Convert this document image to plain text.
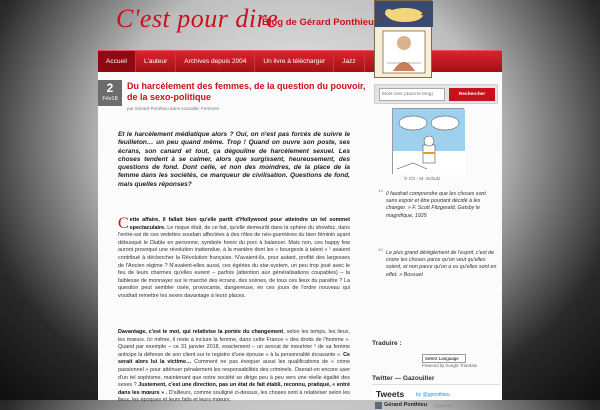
C'est pour dire
Blog de Gérard Ponthieu
Accueil	L'auteur	Archives depuis 2004	Un livre à télécharger	Jazz
2
Fév18
Du harcèlement des femmes, de la question du pouvoir, de la sexo-politique
par Gérard Ponthieu dans Actualité, Femmes
Et le harcèlement médiatique alors ? Oui, on n'est pas forcés de suivre le feuilleton… un peu quand même. Trop ! Quand on ouvre son poste, ses écrans, son canard et tout, ça dégouline de harcèlement sexuel. Les choses tendent à se calmer, alors que surgissent, heureusement, des questions de fond. Dont celle, et non des moindres, de la place de la femme dans les sociétés, ce marqueur de civilisation. Questions de fond, mais quelles réponses?
Cette affaire, il fallait bien qu'elle partît d'Hollywood pour atteindre un tel sommet spectaculaire. Le risque était, de ce fait, qu'elle demeurât dans la sphère du showbiz, dans l'entre-soi de ces vedettes soudain affectées à des rôles de néo-guerrières du bien féminin ayant débusqué le Diable en personne, symbole honni du porc à balancer. Mais non, ces happy few auront provoqué une révolution inattendue, à la manière dont les « bourgeois à talent » ¹ avaient contribué à déclencher la Révolution française. N'avaient-ils, pour autant, profité des largesses de l'Ancien régime ? N'avaient-elles aussi, ces égéries du star-system, un peu trop joué avec le feu de leurs charmes qu'elles eurent – parfois (attention aux généralisations coupables) – la faiblesse de monnayer sur le marché des écrans, des scènes, de tous ces lieux du paraître ? La question peut sembler osée, provocante, dangereuse, en ces jours de l'ordre nouveau qui voudrait remettre les sexes davantage à leurs places.
Davantage, c'est le mot, qui relativise la portée du changement, selon les temps, les lieux, les mœurs. Ici même, il reste à inclure la femme, dans cette France « des droits de l'homme ». Quand par exemple – ce 31 janvier 2018, exactement – un avocat de meurtrier ² de sa femme anticipe la défense de son client sur le registre d'une épouse « à la personnalité écrasante ». Ce serait alors lui la victime… Comment ne pas évoquer aussi les qualifications de « crime passionnel » pour atténuer pénalement les responsabilités des criminels. Oserait-on encore user d'un tel sophisme, maintenant que notre société se dirige peu à peu vers une réelle égalité des sexes ? Justement, c'est une direction, pas un état de fait établi, reconnu, pratiqué, « entré dans les mœurs » . D'ailleurs, comme souligné ci-dessus, les choses sont à relativiser selon les lieux, les époques et leurs faits et leurs mœurs.
Mots-clés (dans le blog)
Rechercher
© Ch - M. Schulz
“ Il faudrait comprendre que les choses sont sans espoir et être pourtant décidé à les changer. » F. Scott Fitzgerald, Gatsby le magnifique, 1925
“ Le plus grand dérèglement de l'esprit, c'est de croire les choses parce qu'on veut qu'elles soient, et non parce qu'on a vu qu'elles sont en effet. » Bossuet
Traduire :
Select Language
Powered by Google Translate
Twitter — Gazouiller
Tweets by @gponthieu
Gérard Ponthieu @gponth
